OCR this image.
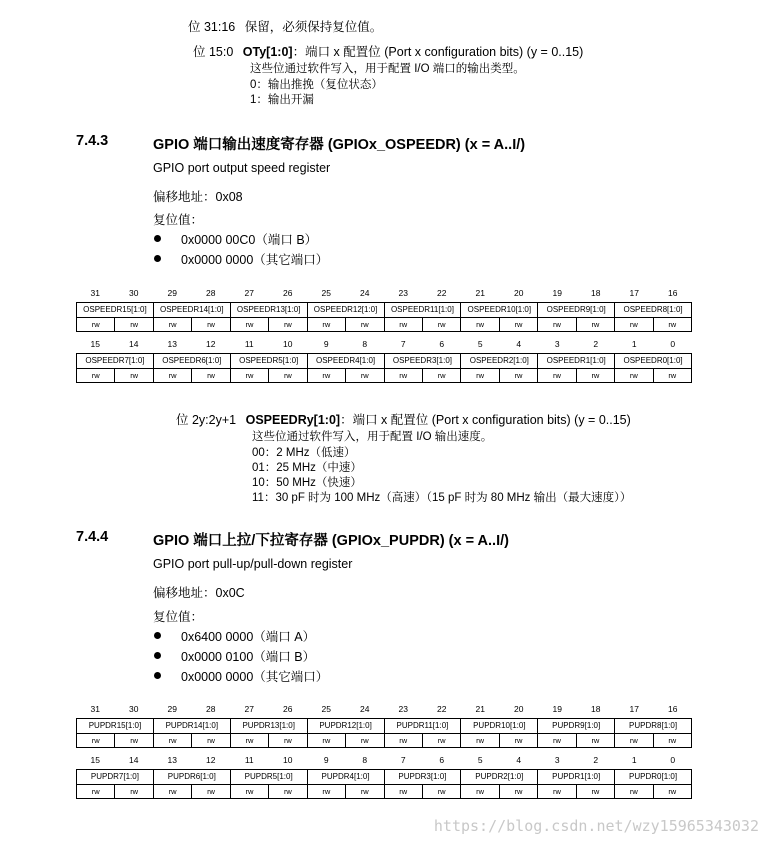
位 31:16 保留，必须保持复位值。
位 15:0 OTy[1:0]：端口 x 配置位 (Port x configuration bits) (y = 0..15)
这些位通过软件写入，用于配置 I/O 端口的输出类型。
0：输出推挽（复位状态）
1：输出开漏
7.4.3	GPIO 端口输出速度寄存器 (GPIOx_OSPEEDR) (x = A..I/)
GPIO port output speed register
偏移地址：0x08
复位值：
0x0000 00C0（端口 B）
0x0000 0000（其它端口）
31	30	29	28	27	26	25	24	23	22	21	20	19	18	17	16
OSPEEDR15[1:0]		OSPEEDR14[1:0]		OSPEEDR13[1:0]		OSPEEDR12[1:0]		OSPEEDR11[1:0]		OSPEEDR10[1:0]		OSPEEDR9[1:0]		OSPEEDR8[1:0]	
rw	rw	rw	rw	rw	rw	rw	rw	rw	rw	rw	rw	rw	rw	rw	rw
15	14	13	12	11	10	9	8	7	6	5	4	3	2	1	0
OSPEEDR7[1:0]		OSPEEDR6[1:0]		OSPEEDR5[1:0]		OSPEEDR4[1:0]		OSPEEDR3[1:0]		OSPEEDR2[1:0]		OSPEEDR1[1:0]		OSPEEDR0[1:0]	
rw	rw	rw	rw	rw	rw	rw	rw	rw	rw	rw	rw	rw	rw	rw	rw
位 2y:2y+1 OSPEEDRy[1:0]：端口 x 配置位 (Port x configuration bits) (y = 0..15)
这些位通过软件写入，用于配置 I/O 输出速度。
00：2 MHz（低速）
01：25 MHz（中速）
10：50 MHz（快速）
11：30 pF 时为 100 MHz（高速）（15 pF 时为 80 MHz 输出（最大速度））
7.4.4	GPIO 端口上拉/下拉寄存器 (GPIOx_PUPDR) (x = A..I/)
GPIO port pull-up/pull-down register
偏移地址：0x0C
复位值：
0x6400 0000（端口 A）
0x0000 0100（端口 B）
0x0000 0000（其它端口）
31	30	29	28	27	26	25	24	23	22	21	20	19	18	17	16
PUPDR15[1:0]		PUPDR14[1:0]		PUPDR13[1:0]		PUPDR12[1:0]		PUPDR11[1:0]		PUPDR10[1:0]		PUPDR9[1:0]		PUPDR8[1:0]	
rw	rw	rw	rw	rw	rw	rw	rw	rw	rw	rw	rw	rw	rw	rw	rw
15	14	13	12	11	10	9	8	7	6	5	4	3	2	1	0
PUPDR7[1:0]		PUPDR6[1:0]		PUPDR5[1:0]		PUPDR4[1:0]		PUPDR3[1:0]		PUPDR2[1:0]		PUPDR1[1:0]		PUPDR0[1:0]	
rw	rw	rw	rw	rw	rw	rw	rw	rw	rw	rw	rw	rw	rw	rw	rw
https://blog.csdn.net/wzy15965343032
